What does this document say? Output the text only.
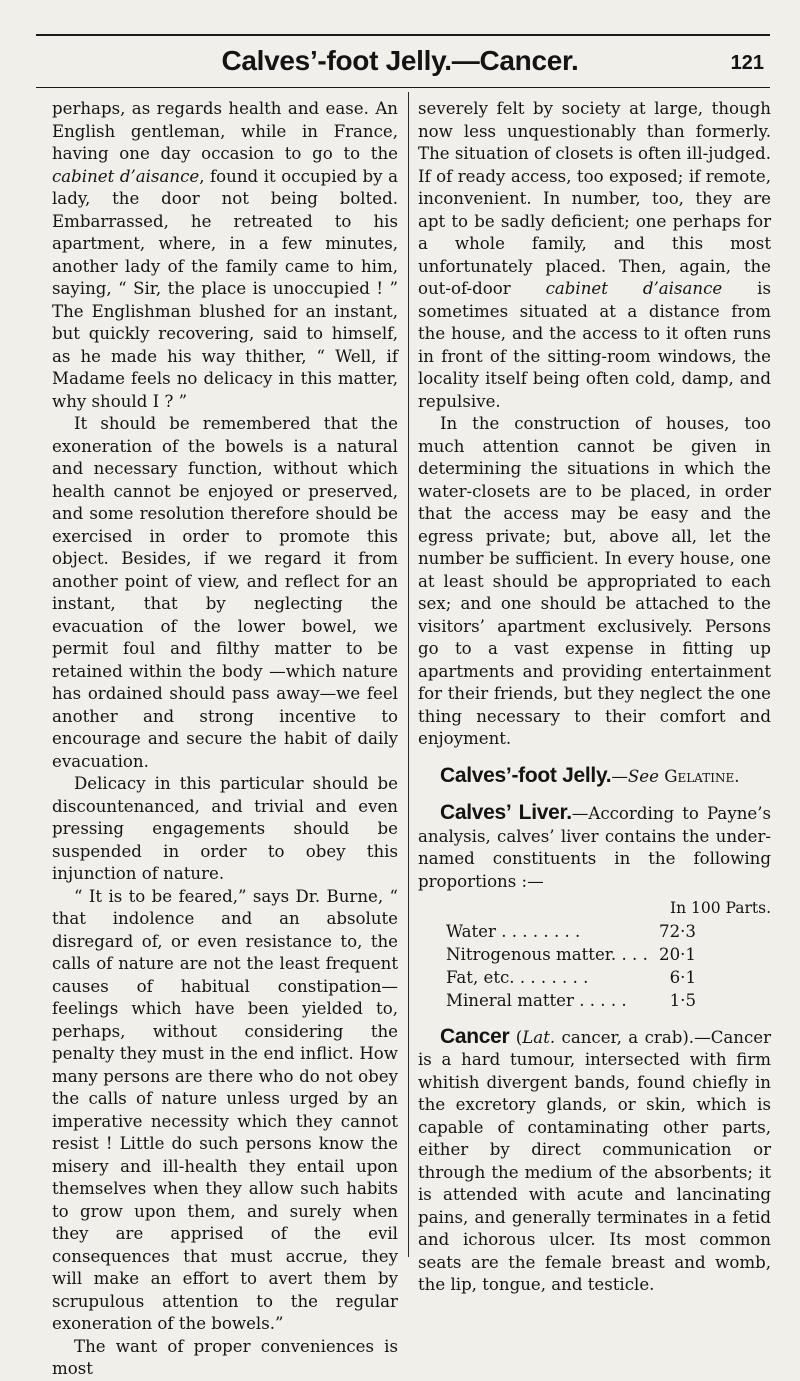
Calves’-foot Jelly.—Cancer.	121

perhaps, as regards health and ease. An English gentleman, while in France, having one day occasion to go to the cabinet d’aisance, found it occupied by a lady, the door not being bolted. Embarrassed, he retreated to his apartment, where, in a few minutes, another lady of the family came to him, saying, “ Sir, the place is unoccupied ! ” The Englishman blushed for an instant, but quickly recovering, said to himself, as he made his way thither, “ Well, if Madame feels no delicacy in this matter, why should I ? ”

It should be remembered that the exoneration of the bowels is a natural and necessary function, without which health cannot be enjoyed or preserved, and some resolution therefore should be exercised in order to promote this object. Besides, if we regard it from another point of view, and reflect for an instant, that by neglecting the evacuation of the lower bowel, we permit foul and filthy matter to be retained within the body —which nature has ordained should pass away—we feel another and strong incentive to encourage and secure the habit of daily evacuation.

Delicacy in this particular should be discountenanced, and trivial and even pressing engagements should be suspended in order to obey this injunction of nature.

“ It is to be feared,” says Dr. Burne, “ that indolence and an absolute disregard of, or even resistance to, the calls of nature are not the least frequent causes of habitual constipation— feelings which have been yielded to, perhaps, without considering the penalty they must in the end inflict. How many persons are there who do not obey the calls of nature unless urged by an imperative necessity which they cannot resist ! Little do such persons know the misery and ill-health they entail upon themselves when they allow such habits to grow upon them, and surely when they are apprised of the evil consequences that must accrue, they will make an effort to avert them by scrupulous attention to the regular exoneration of the bowels.”

The want of proper conveniences is most

severely felt by society at large, though now less unquestionably than formerly. The situation of closets is often ill-judged. If of ready access, too exposed; if remote, inconvenient. In number, too, they are apt to be sadly deficient; one perhaps for a whole family, and this most unfortunately placed. Then, again, the out-of-door cabinet d’aisance is sometimes situated at a distance from the house, and the access to it often runs in front of the sitting-room windows, the locality itself being often cold, damp, and repulsive.

In the construction of houses, too much attention cannot be given in determining the situations in which the water-closets are to be placed, in order that the access may be easy and the egress private; but, above all, let the number be sufficient. In every house, one at least should be appropriated to each sex; and one should be attached to the visitors’ apartment exclusively. Persons go to a vast expense in fitting up apartments and providing entertainment for their friends, but they neglect the one thing necessary to their comfort and enjoyment.

Calves’-foot Jelly.—See Gelatine.

Calves’ Liver.—According to Payne’s analysis, calves’ liver contains the under-named constituents in the following proportions :—

In 100 Parts.
Water . . . . . . . .	72·3
Nitrogenous matter. . . .	20·1
Fat, etc. . . . . . . .	6·1
Mineral matter . . . . .	1·5

Cancer (Lat. cancer, a crab).—Cancer is a hard tumour, intersected with firm whitish divergent bands, found chiefly in the excretory glands, or skin, which is capable of contaminating other parts, either by direct communication or through the medium of the absorbents; it is attended with acute and lancinating pains, and generally terminates in a fetid and ichorous ulcer. Its most common seats are the female breast and womb, the lip, tongue, and testicle.
